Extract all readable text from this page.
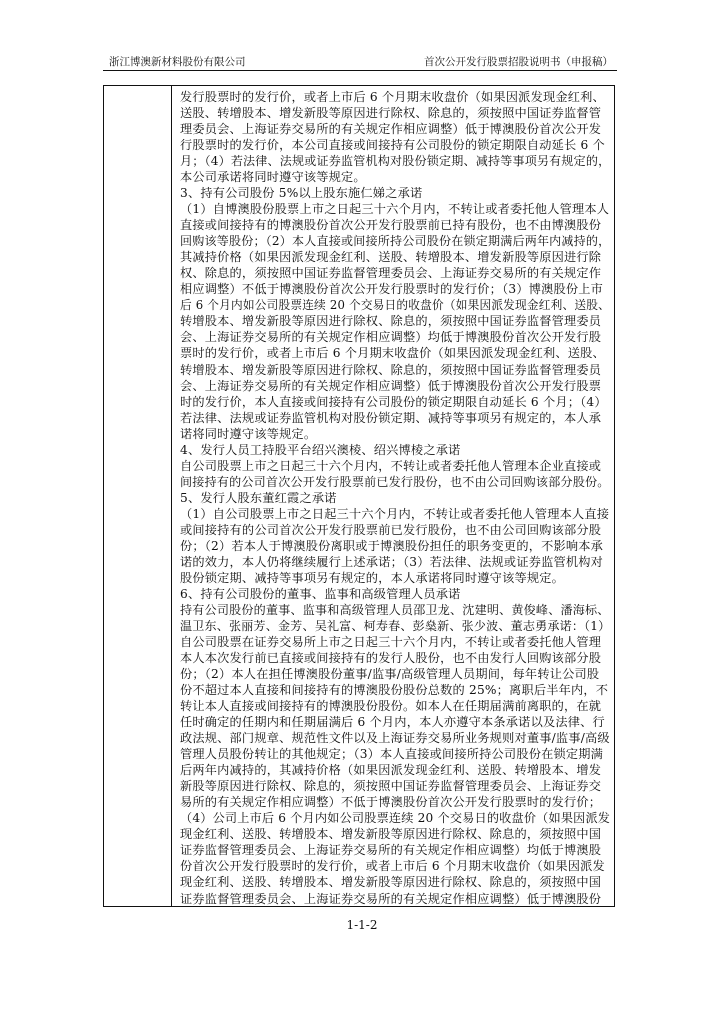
浙江博澳新材料股份有限公司	首次公开发行股票招股说明书（申报稿）
发行股票时的发行价，或者上市后 6 个月期末收盘价（如果因派发现金红利、
送股、转增股本、增发新股等原因进行除权、除息的，须按照中国证券监督管
理委员会、上海证券交易所的有关规定作相应调整）低于博澳股份首次公开发
行股票时的发行价，本公司直接或间接持有公司股份的锁定期限自动延长 6 个
月；（4）若法律、法规或证券监管机构对股份锁定期、减持等事项另有规定的，
本公司承诺将同时遵守该等规定。
3、持有公司股份 5%以上股东施仁娣之承诺
（1）自博澳股份股票上市之日起三十六个月内，不转让或者委托他人管理本人
直接或间接持有的博澳股份首次公开发行股票前已持有股份，也不由博澳股份
回购该等股份；（2）本人直接或间接所持公司股份在锁定期满后两年内减持的，
其减持价格（如果因派发现金红利、送股、转增股本、增发新股等原因进行除
权、除息的，须按照中国证券监督管理委员会、上海证券交易所的有关规定作
相应调整）不低于博澳股份首次公开发行股票时的发行价；（3）博澳股份上市
后 6 个月内如公司股票连续 20 个交易日的收盘价（如果因派发现金红利、送股、
转增股本、增发新股等原因进行除权、除息的，须按照中国证券监督管理委员
会、上海证券交易所的有关规定作相应调整）均低于博澳股份首次公开发行股
票时的发行价，或者上市后 6 个月期末收盘价（如果因派发现金红利、送股、
转增股本、增发新股等原因进行除权、除息的，须按照中国证券监督管理委员
会、上海证券交易所的有关规定作相应调整）低于博澳股份首次公开发行股票
时的发行价，本人直接或间接持有公司股份的锁定期限自动延长 6 个月；（4）
若法律、法规或证券监管机构对股份锁定期、减持等事项另有规定的，本人承
诺将同时遵守该等规定。
4、发行人员工持股平台绍兴澳棱、绍兴博棱之承诺
自公司股票上市之日起三十六个月内，不转让或者委托他人管理本企业直接或
间接持有的公司首次公开发行股票前已发行股份，也不由公司回购该部分股份。
5、发行人股东董红霞之承诺
（1）自公司股票上市之日起三十六个月内，不转让或者委托他人管理本人直接
或间接持有的公司首次公开发行股票前已发行股份，也不由公司回购该部分股
份；（2）若本人于博澳股份离职或于博澳股份担任的职务变更的，不影响本承
诺的效力，本人仍将继续履行上述承诺；（3）若法律、法规或证券监管机构对
股份锁定期、减持等事项另有规定的，本人承诺将同时遵守该等规定。
6、持有公司股份的董事、监事和高级管理人员承诺
持有公司股份的董事、监事和高级管理人员邵卫龙、沈建明、黄俊峰、潘海标、
温卫东、张丽芳、金芳、吴礼富、柯寿春、彭燊新、张少波、董志勇承诺：（1）
自公司股票在证券交易所上市之日起三十六个月内，不转让或者委托他人管理
本人本次发行前已直接或间接持有的发行人股份，也不由发行人回购该部分股
份；（2）本人在担任博澳股份董事/监事/高级管理人员期间，每年转让公司股
份不超过本人直接和间接持有的博澳股份股份总数的 25%；离职后半年内，不
转让本人直接或间接持有的博澳股份股份。如本人在任期届满前离职的，在就
任时确定的任期内和任期届满后 6 个月内，本人亦遵守本条承诺以及法律、行
政法规、部门规章、规范性文件以及上海证券交易所业务规则对董事/监事/高级
管理人员股份转让的其他规定；（3）本人直接或间接所持公司股份在锁定期满
后两年内减持的，其减持价格（如果因派发现金红利、送股、转增股本、增发
新股等原因进行除权、除息的，须按照中国证券监督管理委员会、上海证券交
易所的有关规定作相应调整）不低于博澳股份首次公开发行股票时的发行价；
（4）公司上市后 6 个月内如公司股票连续 20 个交易日的收盘价（如果因派发
现金红利、送股、转增股本、增发新股等原因进行除权、除息的，须按照中国
证券监督管理委员会、上海证券交易所的有关规定作相应调整）均低于博澳股
份首次公开发行股票时的发行价，或者上市后 6 个月期末收盘价（如果因派发
现金红利、送股、转增股本、增发新股等原因进行除权、除息的，须按照中国
证券监督管理委员会、上海证券交易所的有关规定作相应调整）低于博澳股份
1-1-2
